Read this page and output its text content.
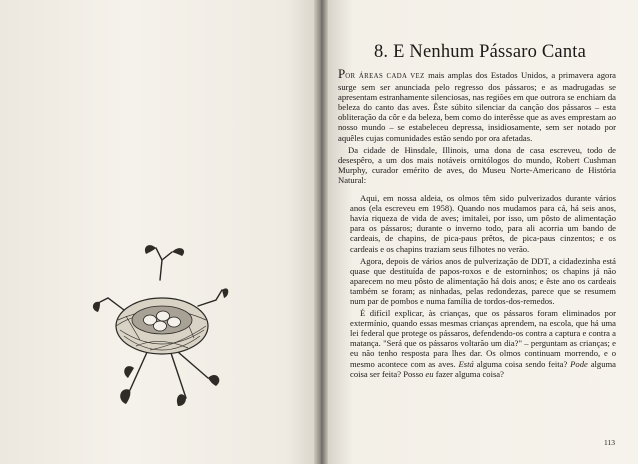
8. E Nenhum Pássaro Canta

POR ÁREAS CADA VEZ mais amplas dos Estados Unidos, a primavera agora surge sem ser anunciada pelo regresso dos pássaros; e as madrugadas se apresentam estranhamente silenciosas, nas regiões em que outrora se enchiam da beleza do canto das aves. Êste súbito silenciar da canção dos pássaros – esta obliteração da côr e da beleza, bem como do interêsse que as aves emprestam ao nosso mundo – se estabeleceu depressa, insidiosamente, sem ser notado por aquêles cujas comunidades estão sendo por ora afetadas.

Da cidade de Hinsdale, Illinois, uma dona de casa escreveu, todo de desespêro, a um dos mais notáveis ornitólogos do mundo, Robert Cushman Murphy, curador emérito de aves, do Museu Norte-Americano de História Natural:

Aqui, em nossa aldeia, os olmos têm sido pulverizados durante vários anos (ela escreveu em 1958). Quando nos mudamos para cá, há seis anos, havia riqueza de vida de aves; imitalei, por isso, um pôsto de alimentação para os pássaros; durante o inverno todo, para ali acorria um bando de cardeais, de chapins, de pica-paus prêtos, de pica-paus cinzentos; e os cardeais e os chapins traziam seus filhotes no verão.

Agora, depois de vários anos de pulverização de DDT, a cidadezinha está quase que destituída de papos-roxos e de estorninhos; os chapins já não aparecem no meu pôsto de alimentação há dois anos; e êste ano os cardeais também se foram; as ninhadas, pelas redondezas, parece que se resumem num par de pombos e numa família de tordos-dos-remedos.

É difícil explicar, às crianças, que os pássaros foram eliminados por extermínio, quando essas mesmas crianças aprendem, na escola, que há uma lei federal que protege os pássaros, defendendo-os contra a captura e contra a matança. "Será que os pássaros voltarão um dia?" – perguntam as crianças; e eu não tenho resposta para lhes dar. Os olmos continuam morrendo, e o mesmo acontece com as aves. Está alguma coisa sendo feita? Pode alguma coisa ser feita? Posso eu fazer alguma coisa?

113
